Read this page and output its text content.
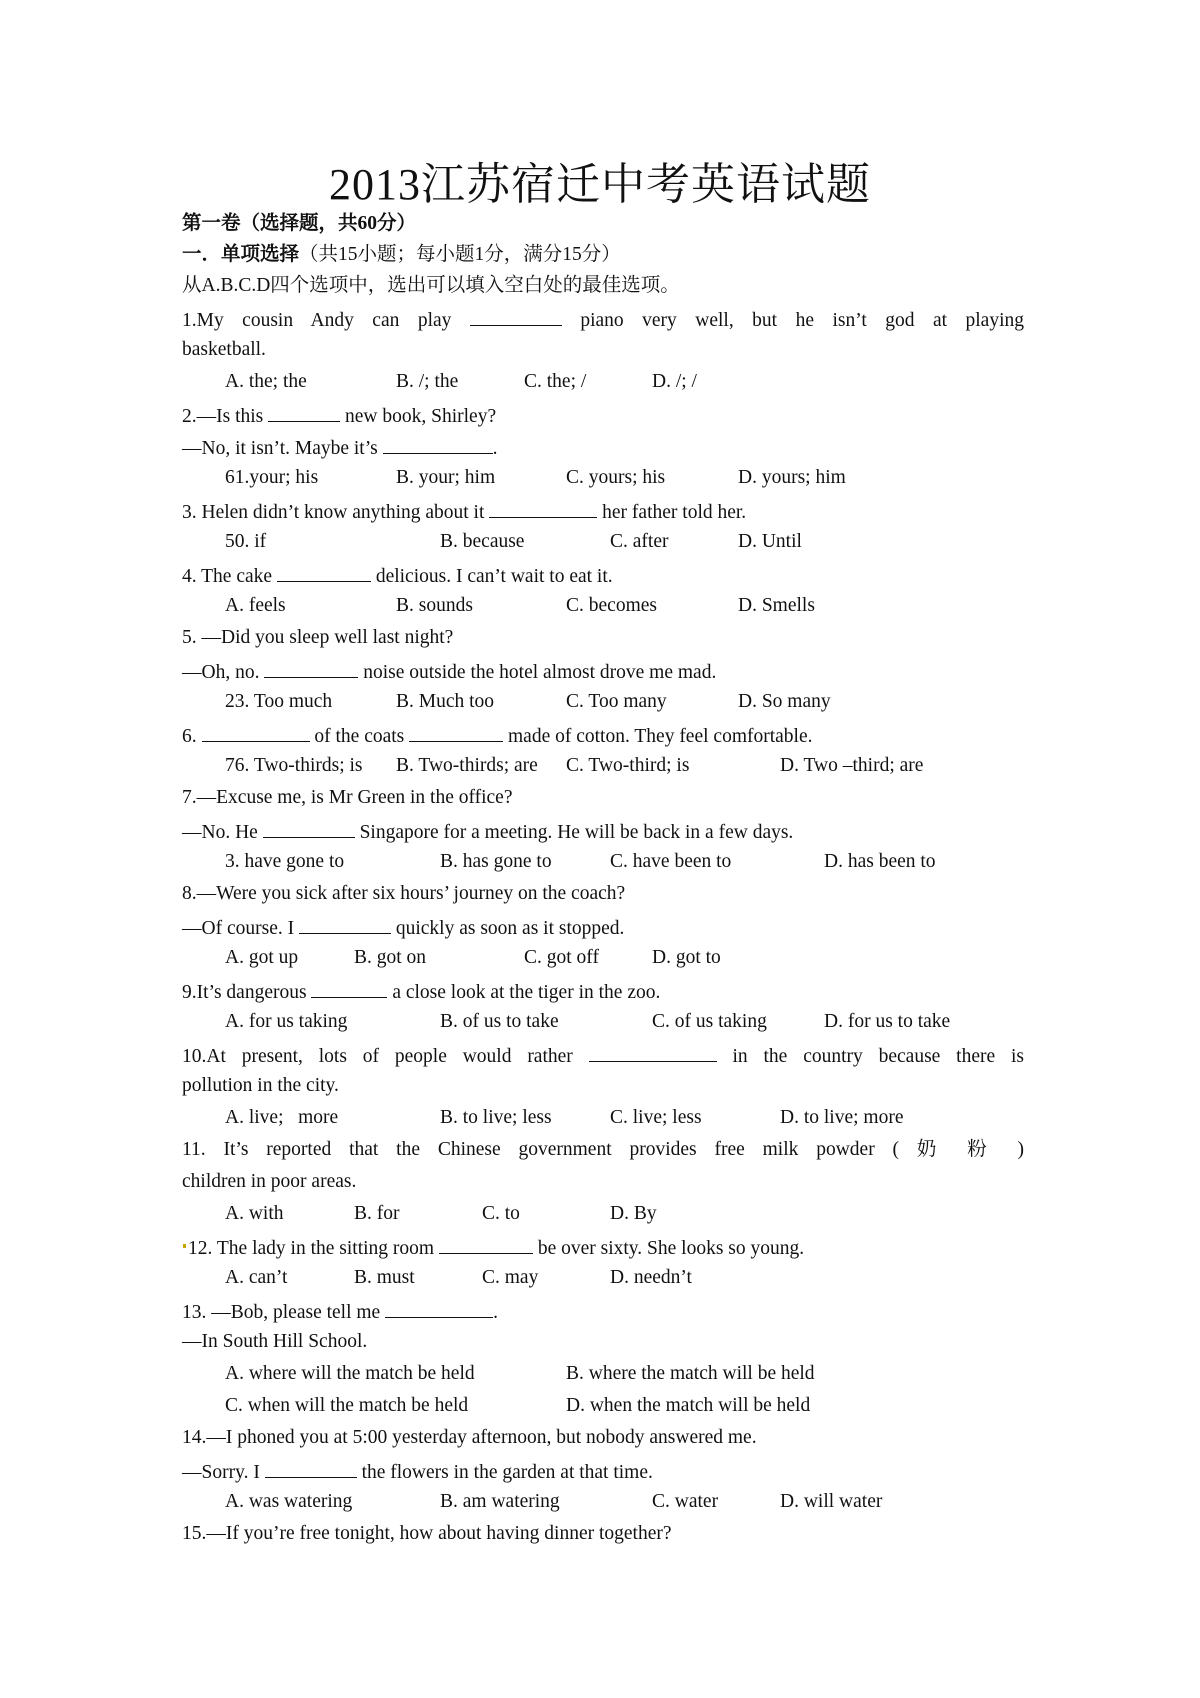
2013江苏宿迁中考英语试题
第一卷（选择题，共60分）
一．单项选择（共15小题；每小题1分，满分15分）
从A.B.C.D四个选项中，选出可以填入空白处的最佳选项。
1.My cousin Andy can play	piano very well, but he isn’t god at playing
basketball.
A. the; the	B. /; the	C. the; /	D. /; /
2.—Is this	new book, Shirley?
—No, it isn’t. Maybe it’s	.
61.your; his	B. your; him	C. yours; his	D. yours; him
3. Helen didn’t know anything about it	her father told her.
50. if	B. because	C. after	D. Until
4. The cake	delicious. I can’t wait to eat it.
A. feels	B. sounds	C. becomes	D. Smells
5. —Did you sleep well last night?
—Oh, no.	noise outside the hotel almost drove me mad.
23. Too much	B. Much too	C. Too many	D. So many
6.	of the coats	made of cotton. They feel comfortable.
76. Two-thirds; is B. Two-thirds; are C. Two-third; is	D. Two –third; are
7.—Excuse me, is Mr Green in the office?
—No. He	Singapore for a meeting. He will be back in a few days.
3. have gone to	B. has gone to	C. have been to	D. has been to
8.—Were you sick after six hours’ journey on the coach?
—Of course. I	quickly as soon as it stopped.
A. got up	B. got on	C. got off	D. got to
9.It’s dangerous	a close look at the tiger in the zoo.
A. for us taking	B. of us to take	C. of us taking	D. for us to take
10.At present, lots of people would rather	in the country because there is
pollution in the city.
A. live;   more	B. to live; less	C. live; less	D. to live; more
11. It’s reported that the Chinese government provides free milk powder ( 奶 粉 )
children in poor areas.
A. with	B. for	C. to	D. By
12. The lady in the sitting room	be over sixty. She looks so young.
A. can’t	B. must	C. may	D. needn’t
13. —Bob, please tell me	.
—In South Hill School.
A. where will the match be held	B. where the match will be held
C. when will the match be held	D. when the match will be held
14.—I phoned you at 5:00 yesterday afternoon, but nobody answered me.
—Sorry. I	the flowers in the garden at that time.
A. was watering	B. am watering	C. water	D. will water
15.—If you’re free tonight, how about having dinner together?
